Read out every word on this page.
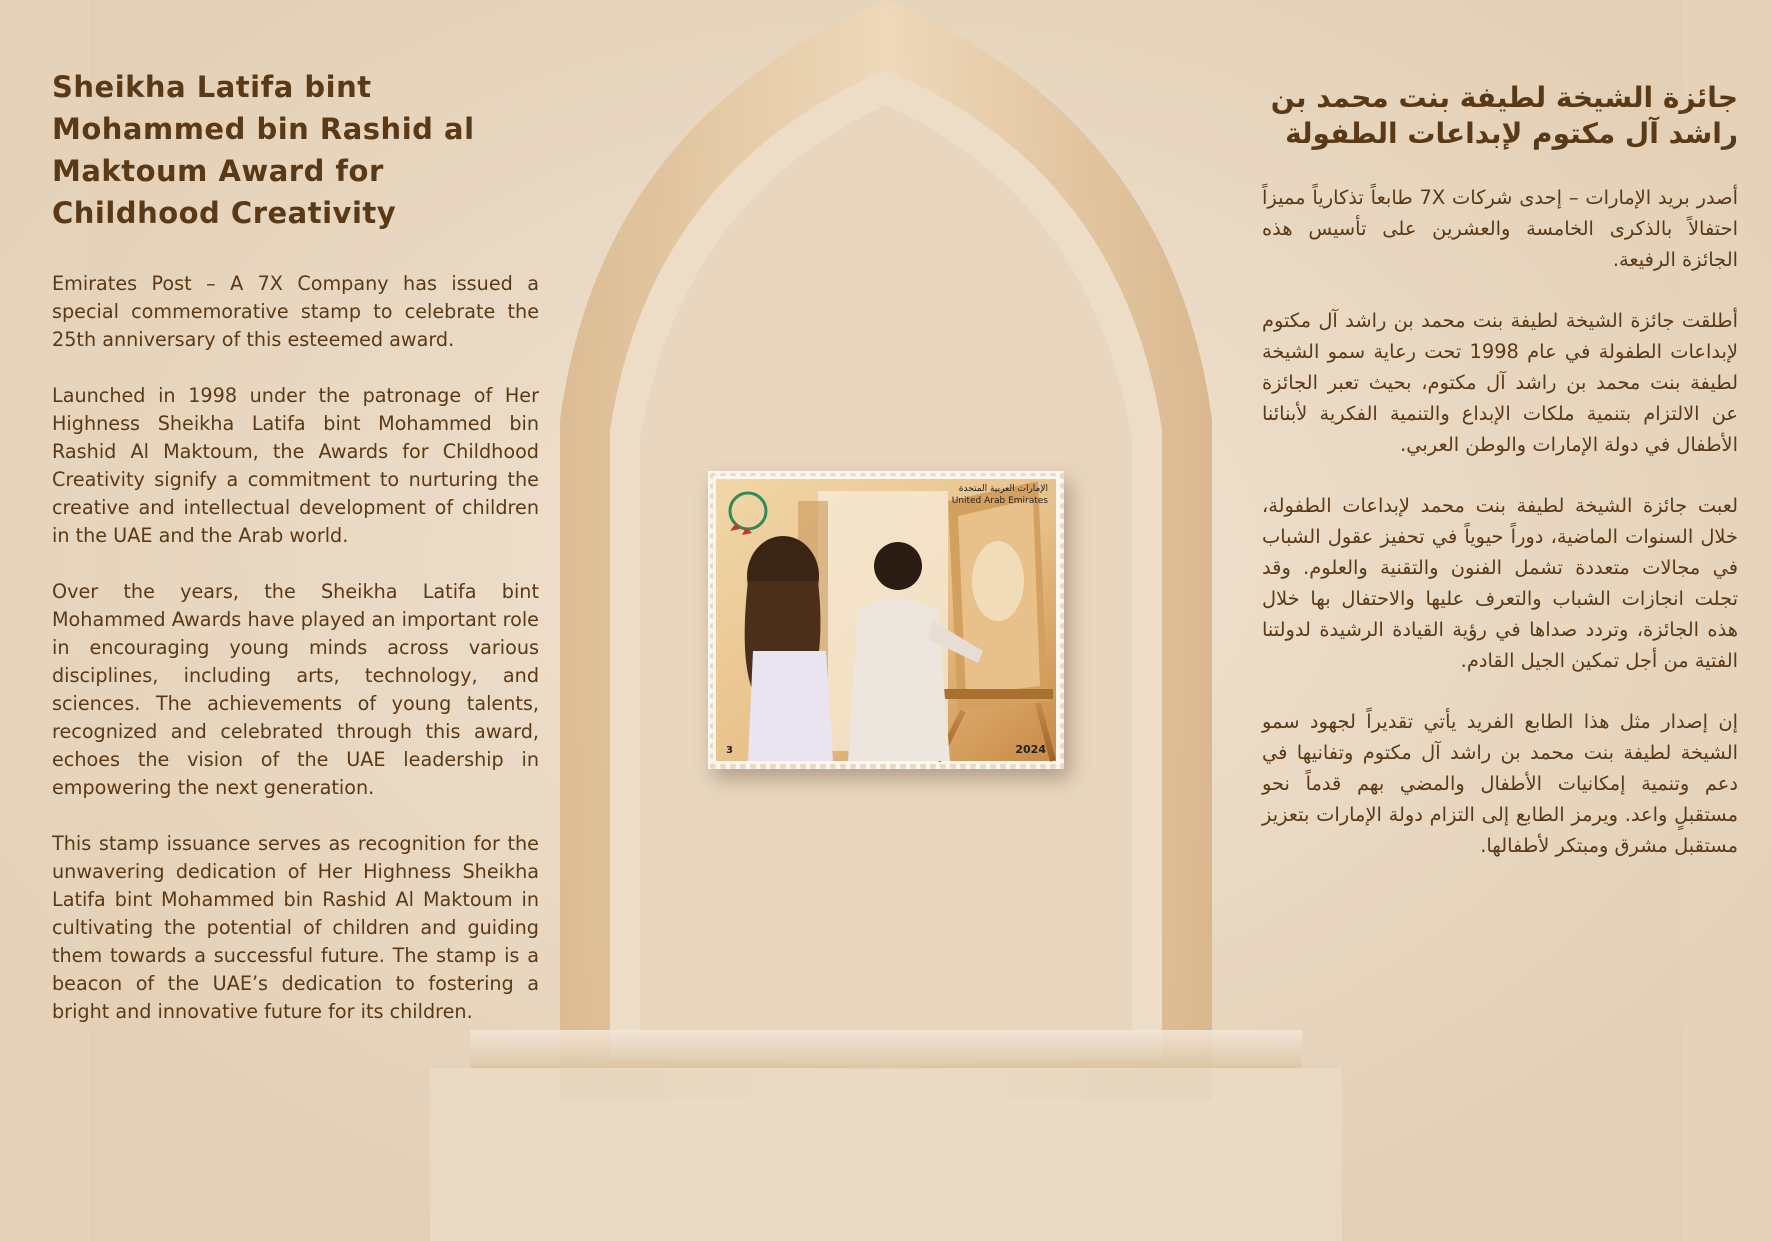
Sheikha Latifa bint Mohammed bin Rashid al Maktoum Award for Childhood Creativity

Emirates Post – A 7X Company has issued a special commemorative stamp to celebrate the 25th anniversary of this esteemed award.

Launched in 1998 under the patronage of Her Highness Sheikha Latifa bint Mohammed bin Rashid Al Maktoum, the Awards for Childhood Creativity signify a commitment to nurturing the creative and intellectual development of children in the UAE and the Arab world.

Over the years, the Sheikha Latifa bint Mohammed Awards have played an important role in encouraging young minds across various disciplines, including arts, technology, and sciences. The achievements of young talents, recognized and celebrated through this award, echoes the vision of the UAE leadership in empowering the next generation.

This stamp issuance serves as recognition for the unwavering dedication of Her Highness Sheikha Latifa bint Mohammed bin Rashid Al Maktoum in cultivating the potential of children and guiding them towards a successful future. The stamp is a beacon of the UAE’s dedication to fostering a bright and innovative future for its children.

جائزة الشيخة لطيفة بنت محمد بن راشد آل مكتوم لإبداعات الطفولة

أصدر بريد الإمارات – إحدى شركات 7X طابعاً تذكارياً مميزاً احتفالاً بالذكرى الخامسة والعشرين على تأسيس هذه الجائزة الرفيعة.

أطلقت جائزة الشيخة لطيفة بنت محمد بن راشد آل مكتوم لإبداعات الطفولة في عام 1998 تحت رعاية سمو الشيخة لطيفة بنت محمد بن راشد آل مكتوم، بحيث تعبر الجائزة عن الالتزام بتنمية ملكات الإبداع والتنمية الفكرية لأبنائنا الأطفال في دولة الإمارات والوطن العربي.

لعبت جائزة الشيخة لطيفة بنت محمد لإبداعات الطفولة، خلال السنوات الماضية، دوراً حيوياً في تحفيز عقول الشباب في مجالات متعددة تشمل الفنون والتقنية والعلوم. وقد تجلت انجازات الشباب والتعرف عليها والاحتفال بها خلال هذه الجائزة، وتردد صداها في رؤية القيادة الرشيدة لدولتنا الفتية من أجل تمكين الجيل القادم.

إن إصدار مثل هذا الطابع الفريد يأتي تقديراً لجهود سمو الشيخة لطيفة بنت محمد بن راشد آل مكتوم وتفانيها في دعم وتنمية إمكانيات الأطفال والمضي بهم قدماً نحو مستقبلٍ واعد. ويرمز الطابع إلى التزام دولة الإمارات بتعزيز مستقبل مشرق ومبتكر لأطفالها.

الإمارات العربية المتحدة
United Arab Emirates
3	2024
